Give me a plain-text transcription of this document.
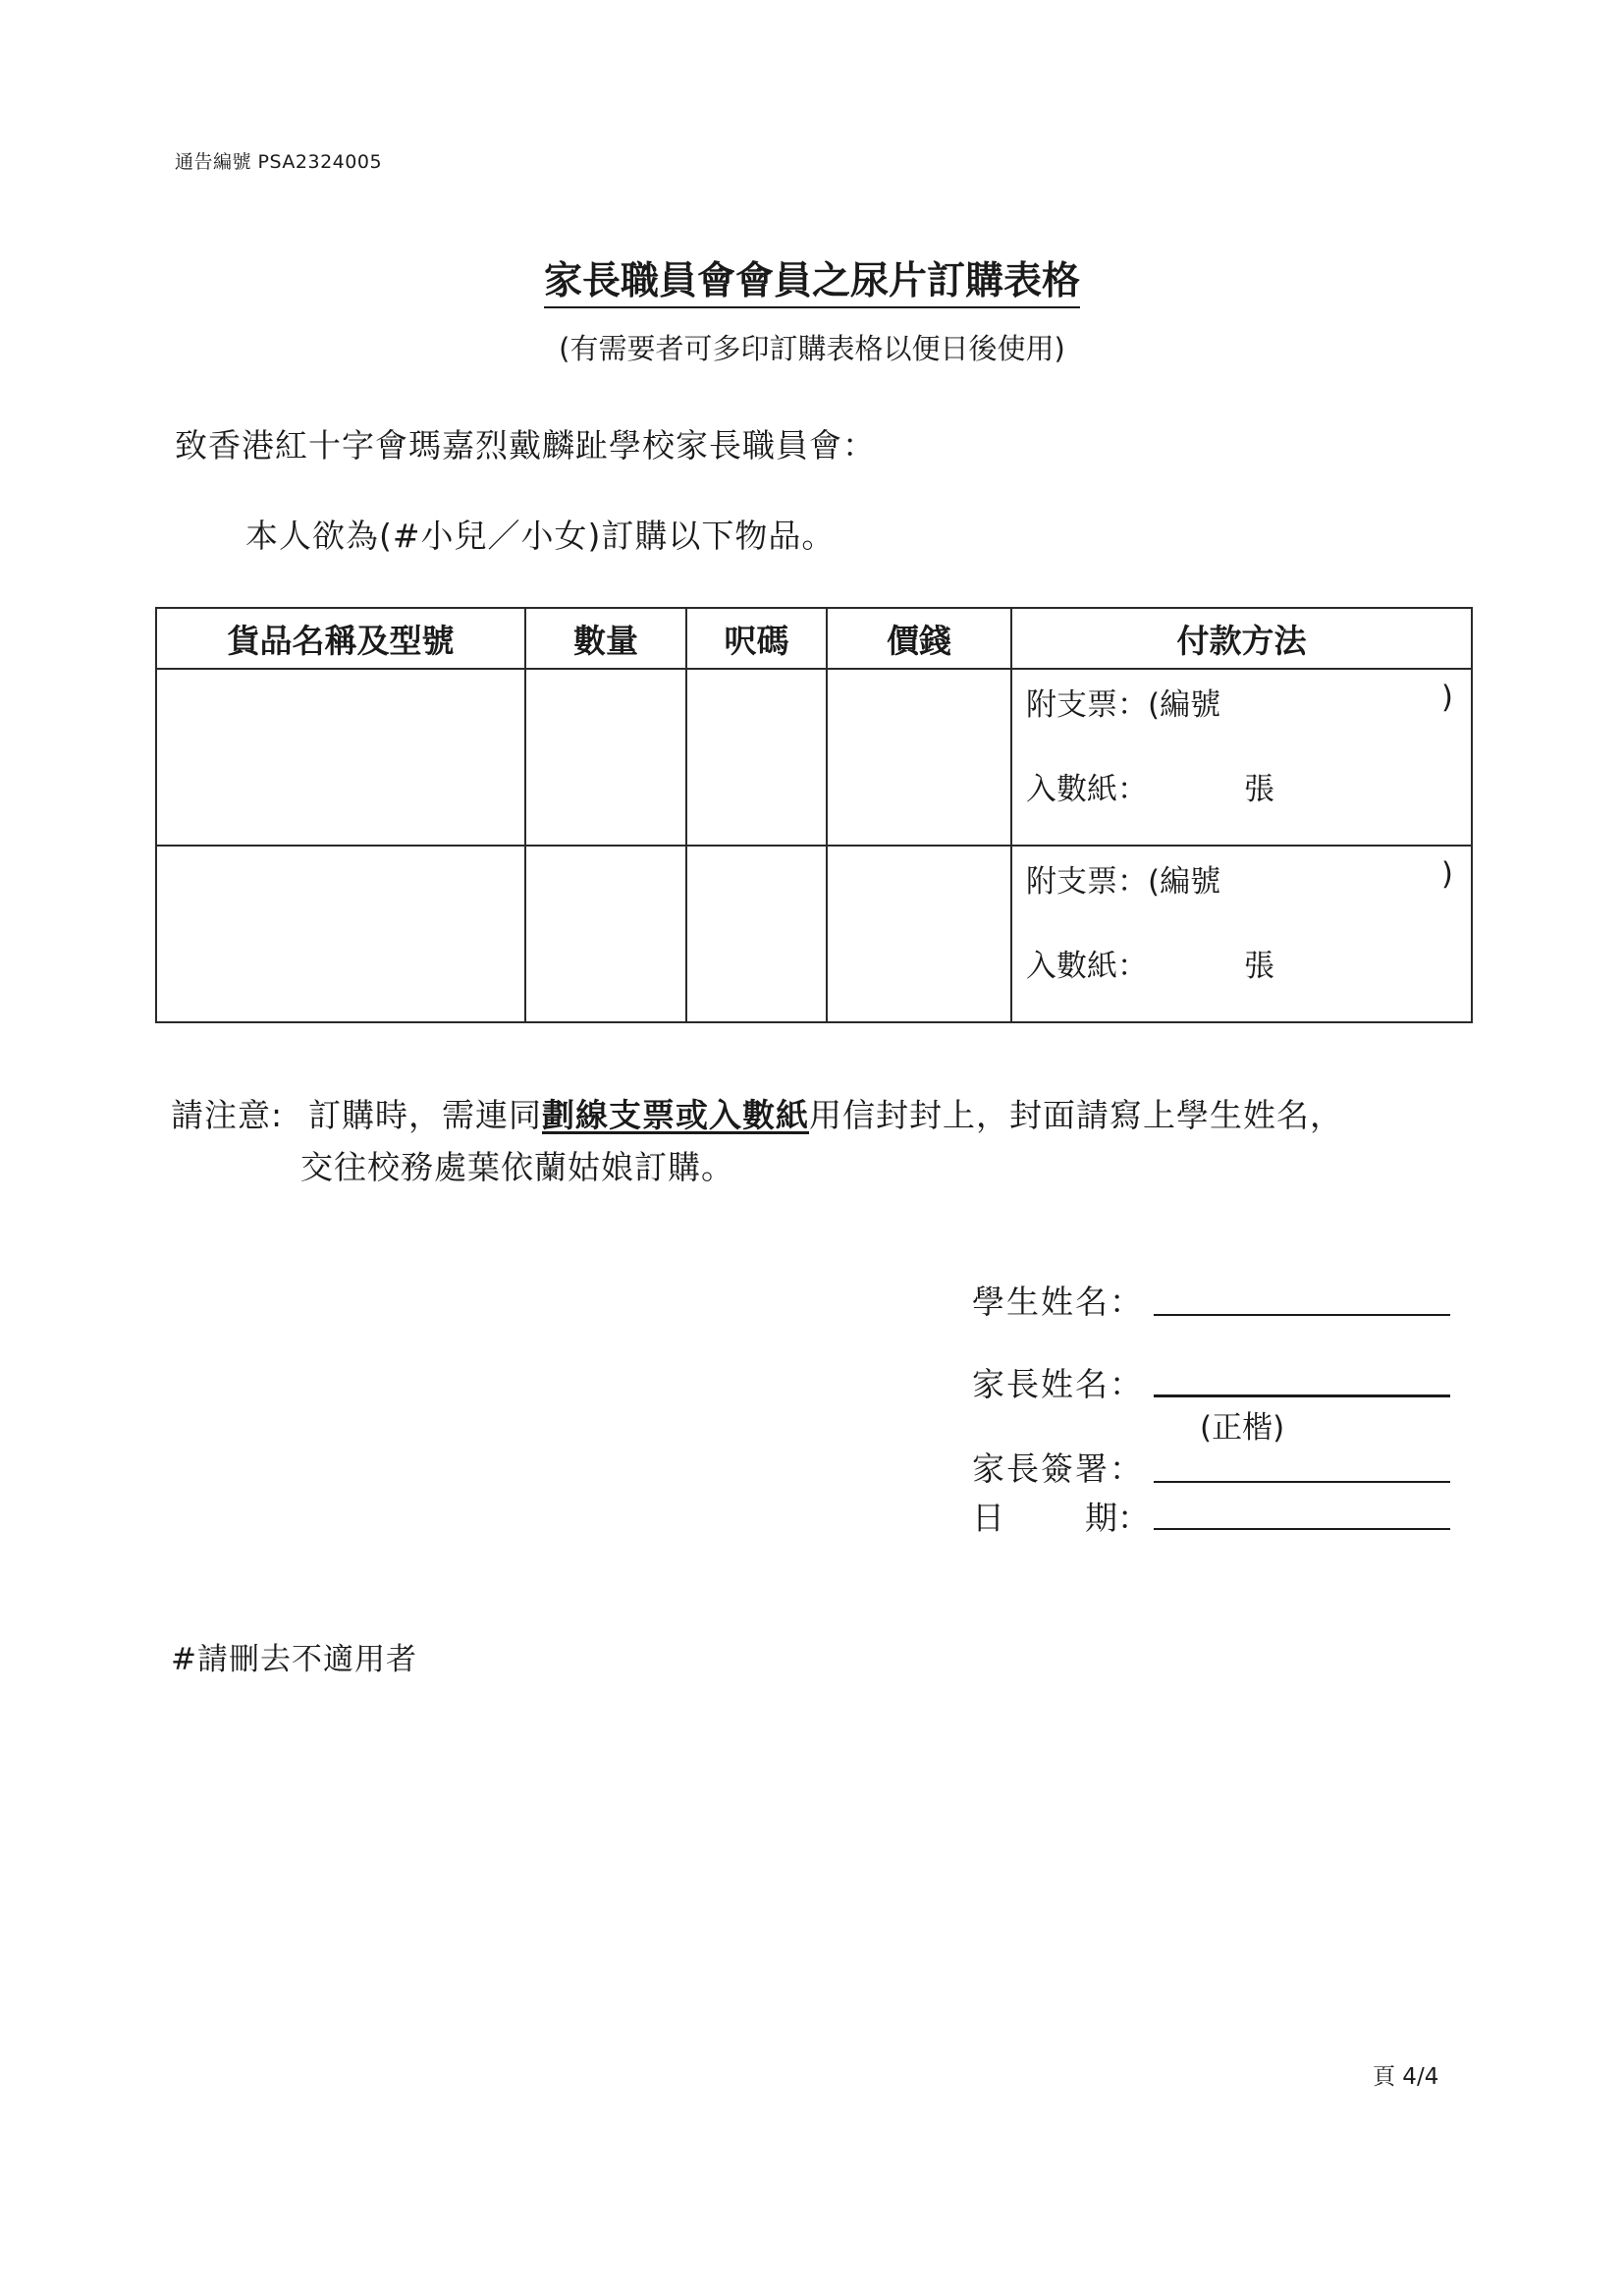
通告編號 PSA2324005
家長職員會會員之尿片訂購表格
(有需要者可多印訂購表格以便日後使用)
致香港紅十字會瑪嘉烈戴麟趾學校家長職員會：
本人欲為(#小兒／小女)訂購以下物品。
貨品名稱及型號	數量	呎碼	價錢	付款方法

				附支票：(編號 )
入數紙： 張

				附支票：(編號 )
入數紙： 張
請注意: 訂購時，需連同劃線支票或入數紙用信封封上，封面請寫上學生姓名，
交往校務處葉依蘭姑娘訂購。
學生姓名：
家長姓名：
(正楷)
家長簽署：
日 期：
#請刪去不適用者
頁 4/4
